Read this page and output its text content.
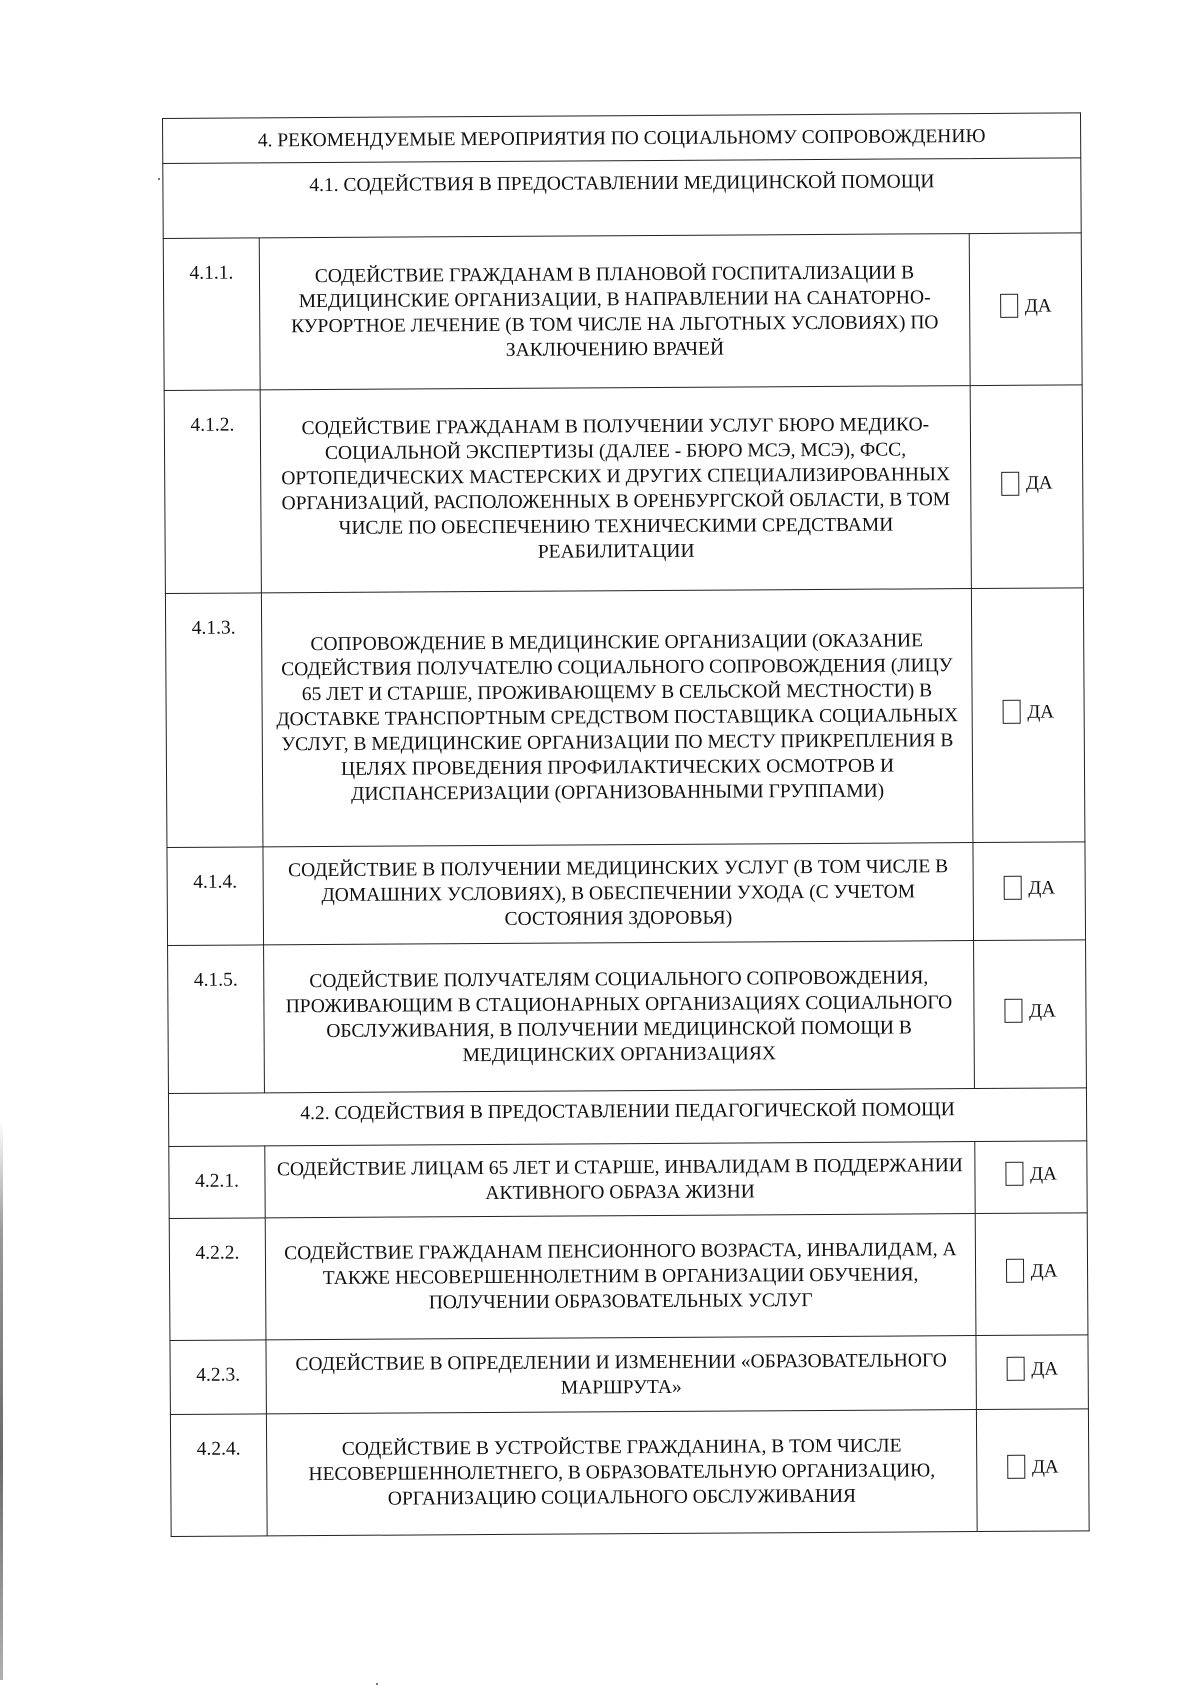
4. РЕКОМЕНДУЕМЫЕ МЕРОПРИЯТИЯ ПО СОЦИАЛЬНОМУ СОПРОВОЖДЕНИЮ		
4.1. СОДЕЙСТВИЯ В ПРЕДОСТАВЛЕНИИ МЕДИЦИНСКОЙ ПОМОЩИ		
4.1.1.	СОДЕЙСТВИЕ ГРАЖДАНАМ В ПЛАНОВОЙ ГОСПИТАЛИЗАЦИИ В МЕДИЦИНСКИЕ ОРГАНИЗАЦИИ, В НАПРАВЛЕНИИ НА САНАТОРНО-КУРОРТНОЕ ЛЕЧЕНИЕ (В ТОМ ЧИСЛЕ НА ЛЬГОТНЫХ УСЛОВИЯХ) ПО ЗАКЛЮЧЕНИЮ ВРАЧЕЙ	ДА

4.1.2.	СОДЕЙСТВИЕ ГРАЖДАНАМ В ПОЛУЧЕНИИ УСЛУГ БЮРО МЕДИКО-СОЦИАЛЬНОЙ ЭКСПЕРТИЗЫ (ДАЛЕЕ - БЮРО МСЭ, МСЭ), ФСС, ОРТОПЕДИЧЕСКИХ МАСТЕРСКИХ И ДРУГИХ СПЕЦИАЛИЗИРОВАННЫХ ОРГАНИЗАЦИЙ, РАСПОЛОЖЕННЫХ В ОРЕНБУРГСКОЙ ОБЛАСТИ, В ТОМ ЧИСЛЕ ПО ОБЕСПЕЧЕНИЮ ТЕХНИЧЕСКИМИ СРЕДСТВАМИ РЕАБИЛИТАЦИИ	ДА

4.1.3.	СОПРОВОЖДЕНИЕ В МЕДИЦИНСКИЕ ОРГАНИЗАЦИИ (ОКАЗАНИЕ СОДЕЙСТВИЯ ПОЛУЧАТЕЛЮ СОЦИАЛЬНОГО СОПРОВОЖДЕНИЯ (ЛИЦУ 65 ЛЕТ И СТАРШЕ, ПРОЖИВАЮЩЕМУ В СЕЛЬСКОЙ МЕСТНОСТИ) В ДОСТАВКЕ ТРАНСПОРТНЫМ СРЕДСТВОМ ПОСТАВЩИКА СОЦИАЛЬНЫХ УСЛУГ, В МЕДИЦИНСКИЕ ОРГАНИЗАЦИИ ПО МЕСТУ ПРИКРЕПЛЕНИЯ В ЦЕЛЯХ ПРОВЕДЕНИЯ ПРОФИЛАКТИЧЕСКИХ ОСМОТРОВ И ДИСПАНСЕРИЗАЦИИ (ОРГАНИЗОВАННЫМИ ГРУППАМИ)	ДА

4.1.4.	СОДЕЙСТВИЕ В ПОЛУЧЕНИИ МЕДИЦИНСКИХ УСЛУГ (В ТОМ ЧИСЛЕ В ДОМАШНИХ УСЛОВИЯХ), В ОБЕСПЕЧЕНИИ УХОДА (С УЧЕТОМ СОСТОЯНИЯ ЗДОРОВЬЯ)	ДА

4.1.5.	СОДЕЙСТВИЕ ПОЛУЧАТЕЛЯМ СОЦИАЛЬНОГО СОПРОВОЖДЕНИЯ, ПРОЖИВАЮЩИМ В СТАЦИОНАРНЫХ ОРГАНИЗАЦИЯХ СОЦИАЛЬНОГО ОБСЛУЖИВАНИЯ, В ПОЛУЧЕНИИ МЕДИЦИНСКОЙ ПОМОЩИ В МЕДИЦИНСКИХ ОРГАНИЗАЦИЯХ	ДА

4.2. СОДЕЙСТВИЯ В ПРЕДОСТАВЛЕНИИ ПЕДАГОГИЧЕСКОЙ ПОМОЩИ		
4.2.1.	СОДЕЙСТВИЕ ЛИЦАМ 65 ЛЕТ И СТАРШЕ, ИНВАЛИДАМ В ПОДДЕРЖАНИИ АКТИВНОГО ОБРАЗА ЖИЗНИ	ДА

4.2.2.	СОДЕЙСТВИЕ ГРАЖДАНАМ ПЕНСИОННОГО ВОЗРАСТА, ИНВАЛИДАМ, А ТАКЖЕ НЕСОВЕРШЕННОЛЕТНИМ В ОРГАНИЗАЦИИ ОБУЧЕНИЯ, ПОЛУЧЕНИИ ОБРАЗОВАТЕЛЬНЫХ УСЛУГ	ДА

4.2.3.	СОДЕЙСТВИЕ В ОПРЕДЕЛЕНИИ И ИЗМЕНЕНИИ «ОБРАЗОВАТЕЛЬНОГО МАРШРУТА»	ДА

4.2.4.	СОДЕЙСТВИЕ В УСТРОЙСТВЕ ГРАЖДАНИНА, В ТОМ ЧИСЛЕ НЕСОВЕРШЕННОЛЕТНЕГО, В ОБРАЗОВАТЕЛЬНУЮ ОРГАНИЗАЦИЮ, ОРГАНИЗАЦИЮ СОЦИАЛЬНОГО ОБСЛУЖИВАНИЯ	ДА
